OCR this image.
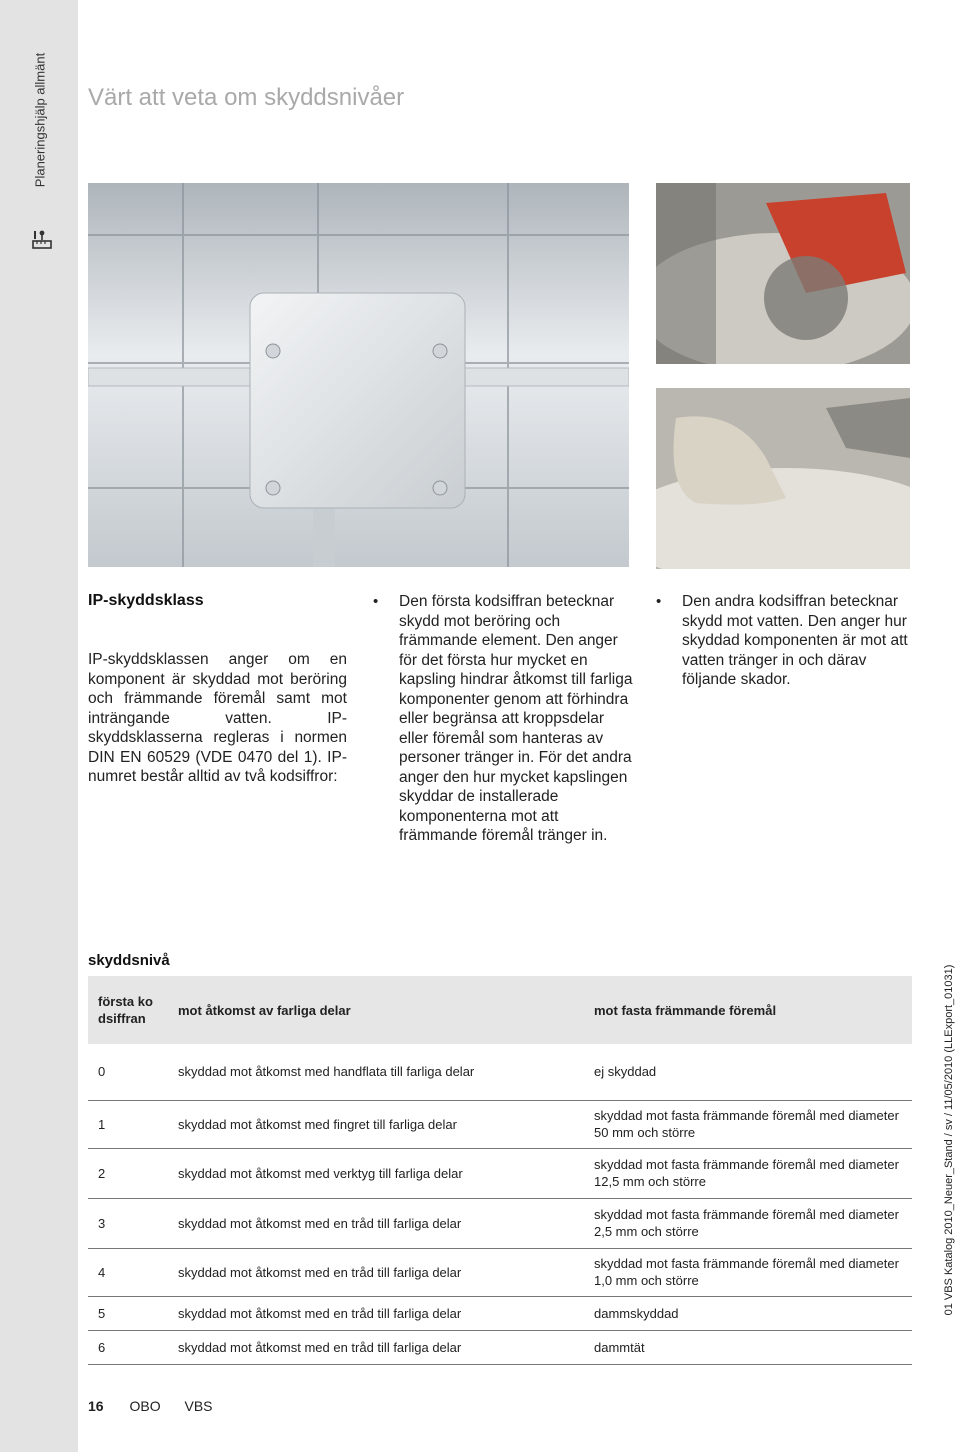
Planeringshjälp allmänt Värt att veta om skyddsnivåer
IP-skyddsklass

IP-skyddsklassen anger om en komponent är skyddad mot beröring och främmande föremål samt mot inträngande vatten. IP-skyddsklasserna regleras i normen DIN EN 60529 (VDE 0470 del 1). IP-numret består alltid av två kodsiffror:

• Den första kodsiffran betecknar skydd mot beröring och främmande element. Den anger för det första hur mycket en kapsling hindrar åtkomst till farliga komponenter genom att förhindra eller begränsa att kroppsdelar eller föremål som hanteras av personer tränger in. För det andra anger den hur mycket kapslingen skyddar de installerade komponenterna mot att främmande föremål tränger in.
• Den andra kodsiffran betecknar skydd mot vatten. Den anger hur skyddad komponenten är mot att vatten tränger in och därav följande skador.
skyddsnivå
första kodsiffran	mot åtkomst av farliga delar	mot fasta främmande föremål
0	skyddad mot åtkomst med handflata till farliga delar	ej skyddad
1	skyddad mot åtkomst med fingret till farliga delar	skyddad mot fasta främmande föremål med diameter 50 mm och större
2	skyddad mot åtkomst med verktyg till farliga delar	skyddad mot fasta främmande föremål med diameter 12,5 mm och större
3	skyddad mot åtkomst med en tråd till farliga delar	skyddad mot fasta främmande föremål med diameter 2,5 mm och större
4	skyddad mot åtkomst med en tråd till farliga delar	skyddad mot fasta främmande föremål med diameter 1,0 mm och större
5	skyddad mot åtkomst med en tråd till farliga delar	dammskyddad
6	skyddad mot åtkomst med en tråd till farliga delar	dammtät
01 VBS Katalog 2010_Neuer_Stand / sv / 11/05/2010 (LLExport_01031)
16 OBO VBS
